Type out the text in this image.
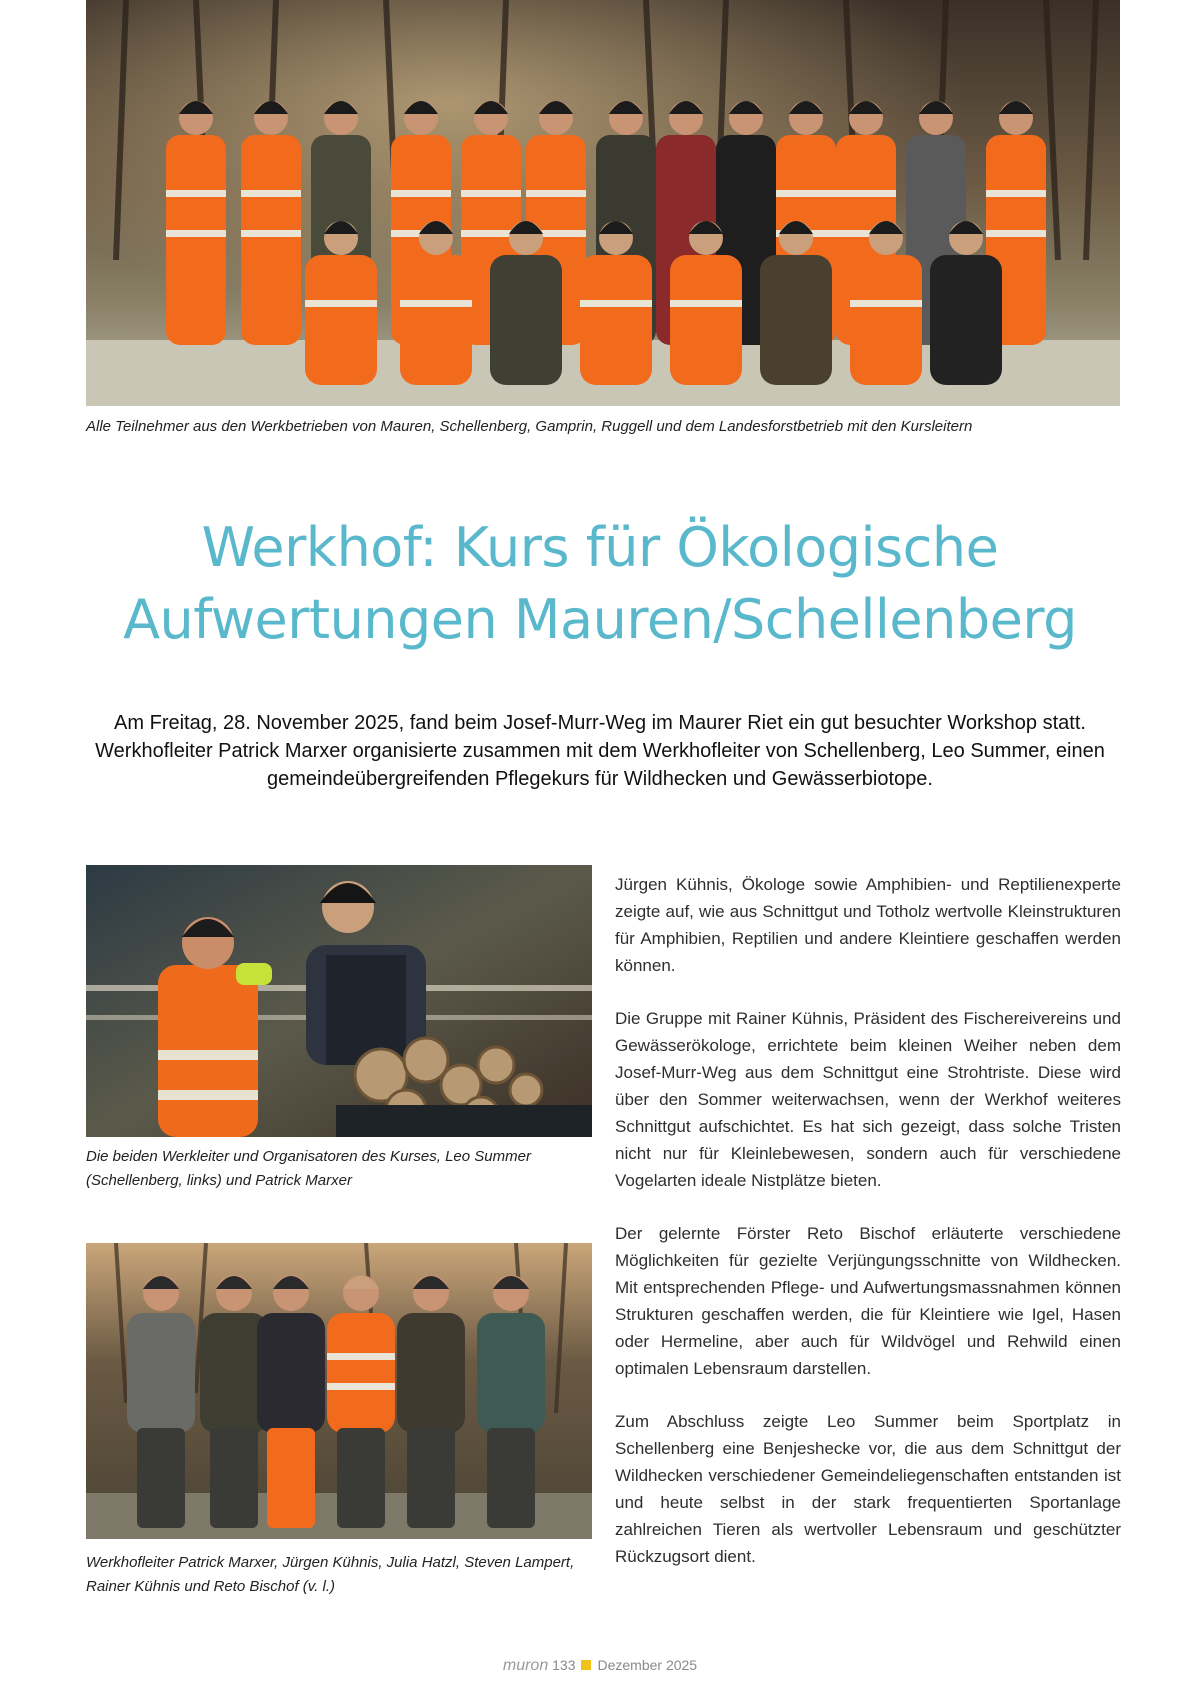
Alle Teilnehmer aus den Werkbetrieben von Mauren, Schellenberg, Gamprin, Ruggell und dem Landesforstbetrieb mit den Kursleitern

Werkhof: Kurs für Ökologische
Aufwertungen Mauren/Schellenberg

Am Freitag, 28. November 2025, fand beim Josef-Murr-Weg im Maurer Riet ein gut besuchter Workshop statt. Werkhofleiter Patrick Marxer organisierte zusammen mit dem Werkhofleiter von Schellenberg, Leo Summer, einen gemeindeübergreifenden Pflegekurs für Wildhecken und Gewässerbiotope.

Die beiden Werkleiter und Organisatoren des Kurses, Leo Summer (Schellenberg, links) und Patrick Marxer

Werkhofleiter Patrick Marxer, Jürgen Kühnis, Julia Hatzl, Steven Lampert, Rainer Kühnis und Reto Bischof (v. l.)

Jürgen Kühnis, Ökologe sowie Amphibien- und Reptilienexperte zeigte auf, wie aus Schnittgut und Totholz wertvolle Kleinstrukturen für Amphibien, Reptilien und andere Kleintiere geschaffen werden können.

Die Gruppe mit Rainer Kühnis, Präsident des Fischereivereins und Gewässerökologe, errichtete beim kleinen Weiher neben dem Josef-Murr-Weg aus dem Schnittgut eine Strohtriste. Diese wird über den Sommer weiterwachsen, wenn der Werkhof weiteres Schnittgut aufschichtet. Es hat sich gezeigt, dass solche Tristen nicht nur für Kleinlebewesen, sondern auch für verschiedene Vogelarten ideale Nistplätze bieten.

Der gelernte Förster Reto Bischof erläuterte verschiedene Möglichkeiten für gezielte Verjüngungsschnitte von Wildhecken. Mit entsprechenden Pflege- und Aufwertungsmassnahmen können Strukturen geschaffen werden, die für Kleintiere wie Igel, Hasen oder Hermeline, aber auch für Wildvögel und Rehwild einen optimalen Lebensraum darstellen.

Zum Abschluss zeigte Leo Summer beim Sportplatz in Schellenberg eine Benjeshecke vor, die aus dem Schnittgut der Wildhecken verschiedener Gemeindeliegenschaften entstanden ist und heute selbst in der stark frequentierten Sportanlage zahlreichen Tieren als wertvoller Lebensraum und geschützter Rückzugsort dient.

muron 133 Dezember 2025
